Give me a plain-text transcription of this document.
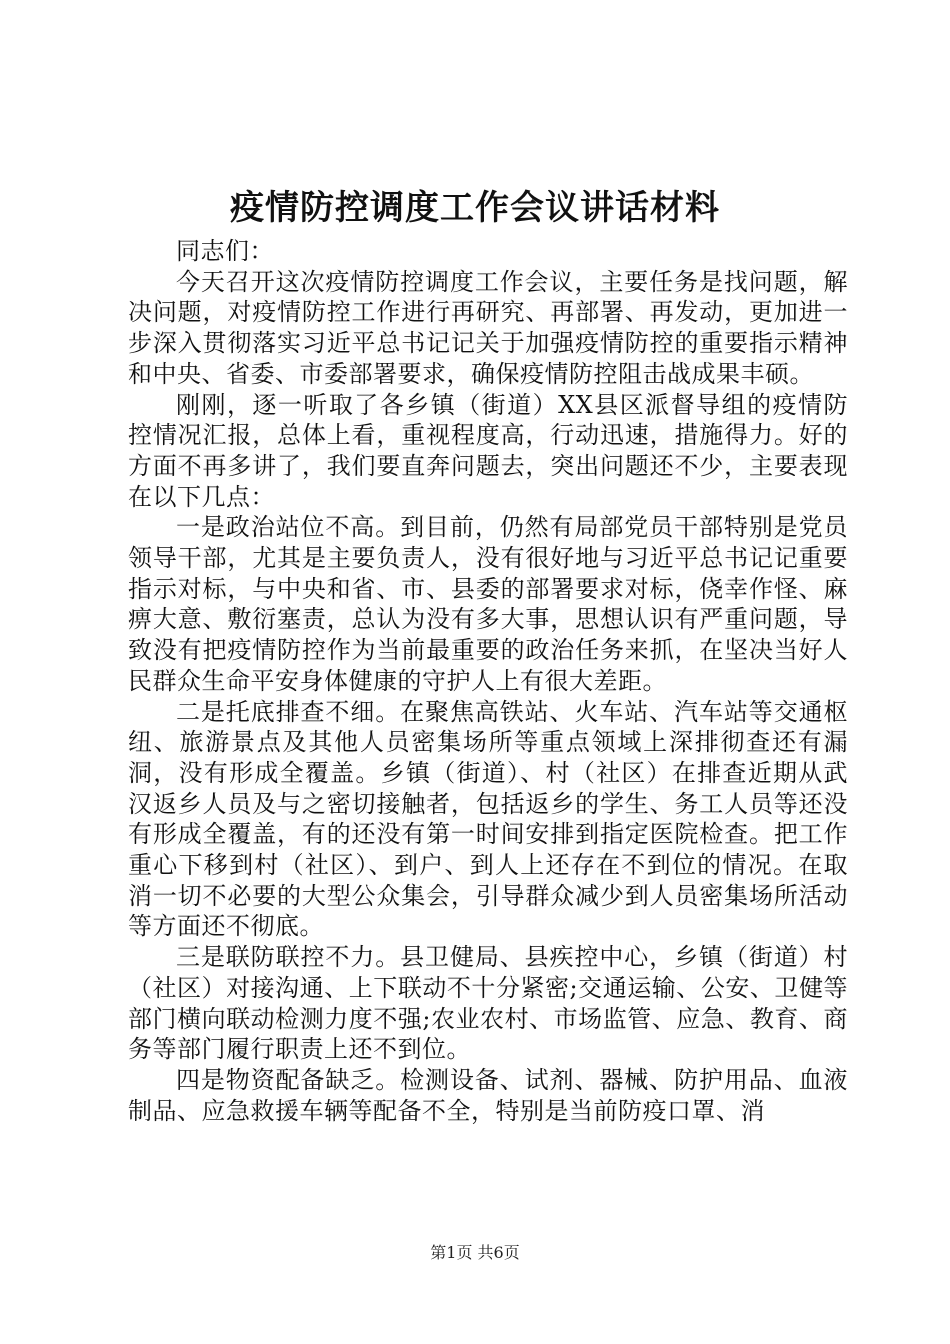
疫情防控调度工作会议讲话材料

同志们：

今天召开这次疫情防控调度工作会议，主要任务是找问题，解决问题，对疫情防控工作进行再研究、再部署、再发动，更加进一步深入贯彻落实习近平总书记记关于加强疫情防控的重要指示精神和中央、省委、市委部署要求，确保疫情防控阻击战成果丰硕。

刚刚，逐一听取了各乡镇（街道）XX县区派督导组的疫情防控情况汇报，总体上看，重视程度高，行动迅速，措施得力。好的方面不再多讲了，我们要直奔问题去，突出问题还不少，主要表现在以下几点：

一是政治站位不高。到目前，仍然有局部党员干部特别是党员领导干部，尤其是主要负责人，没有很好地与习近平总书记记重要指示对标，与中央和省、市、县委的部署要求对标，侥幸作怪、麻痹大意、敷衍塞责，总认为没有多大事，思想认识有严重问题，导致没有把疫情防控作为当前最重要的政治任务来抓，在坚决当好人民群众生命平安身体健康的守护人上有很大差距。

二是托底排查不细。在聚焦高铁站、火车站、汽车站等交通枢纽、旅游景点及其他人员密集场所等重点领域上深排彻查还有漏洞，没有形成全覆盖。乡镇（街道）、村（社区）在排查近期从武汉返乡人员及与之密切接触者，包括返乡的学生、务工人员等还没有形成全覆盖，有的还没有第一时间安排到指定医院检查。把工作重心下移到村（社区）、到户、到人上还存在不到位的情况。在取消一切不必要的大型公众集会，引导群众减少到人员密集场所活动等方面还不彻底。

三是联防联控不力。县卫健局、县疾控中心，乡镇（街道）村（社区）对接沟通、上下联动不十分紧密;交通运输、公安、卫健等部门横向联动检测力度不强;农业农村、市场监管、应急、教育、商务等部门履行职责上还不到位。

四是物资配备缺乏。检测设备、试剂、器械、防护用品、血液制品、应急救援车辆等配备不全，特别是当前防疫口罩、消

第1页 共6页
